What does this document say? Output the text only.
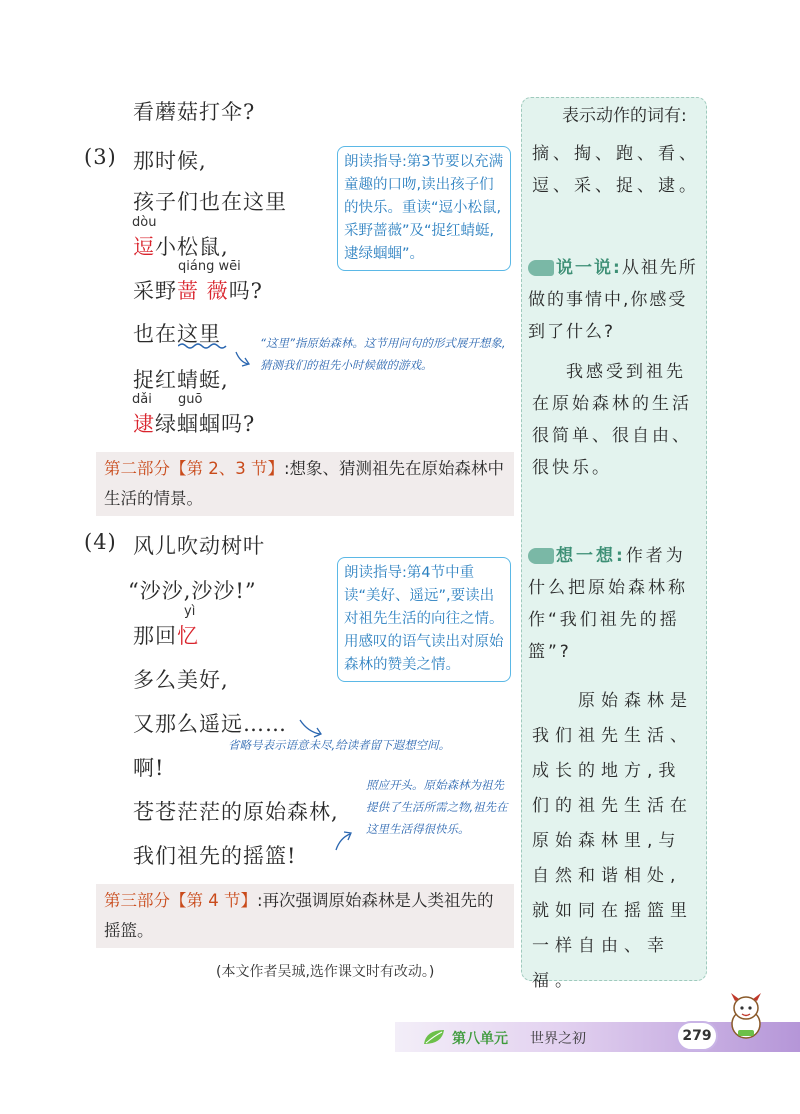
看蘑菇打伞?
(3) 那时候,
孩子们也在这里
dòu
逗小松鼠,
qiáng wēi
采野蔷 薇吗?
也在这里	“这里”指原始森林。这节用问句的形式展开想象,猜测我们的祖先小时候做的游戏。
捉红蜻蜓,
dǎi guō
逮绿蝈蝈吗?
朗读指导:第3节要以充满童趣的口吻,读出孩子们的快乐。重读“逗小松鼠,采野蔷薇”及“捉红蜻蜓,逮绿蝈蝈”。
第二部分【第 2、3 节】:想象、猜测祖先在原始森林中生活的情景。
(4) 风儿吹动树叶
“沙沙,沙沙!”
yì
那回忆
多么美好,
又那么遥远……
省略号表示语意未尽,给读者留下遐想空间。
啊!
苍苍茫茫的原始森林,
我们祖先的摇篮!
照应开头。原始森林为祖先提供了生活所需之物,祖先在这里生活得很快乐。
朗读指导:第4节中重读“美好、遥远”,要读出对祖先生活的向往之情。用感叹的语气读出对原始森林的赞美之情。
第三部分【第 4 节】:再次强调原始森林是人类祖先的摇篮。
(本文作者吴珹,选作课文时有改动。)
表示动作的词有:
摘、掏、跑、看、逗、采、捉、逮。
说一说:从祖先所做的事情中,你感受到了什么?
我感受到祖先在原始森林的生活很简单、很自由、很快乐。
想一想:作者为什么把原始森林称作“我们祖先的摇篮”?
原始森林是我们祖先生活、成长的地方,我们的祖先生活在原始森林里,与自然和谐相处,就如同在摇篮里一样自由、幸福。
第八单元 世界之初	279
